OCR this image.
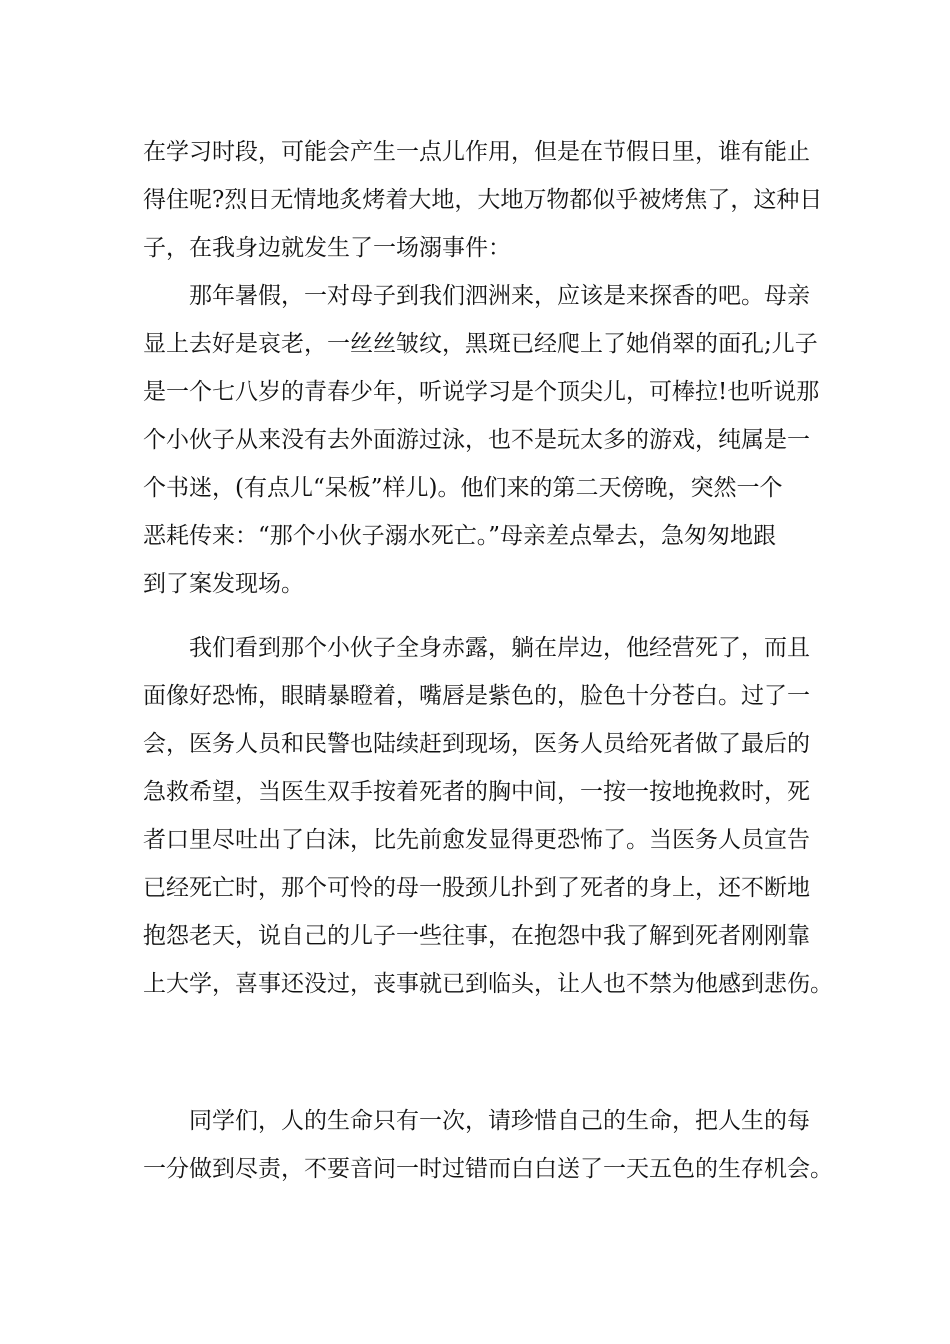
在学习时段，可能会产生一点儿作用，但是在节假日里，谁有能止
得住呢?烈日无情地炙烤着大地，大地万物都似乎被烤焦了，这种日
子，在我身边就发生了一场溺事件：
那年暑假，一对母子到我们泗洲来，应该是来探香的吧。母亲
显上去好是哀老，一丝丝皱纹，黑斑已经爬上了她俏翠的面孔;儿子
是一个七八岁的青春少年，听说学习是个顶尖儿，可棒拉!也听说那
个小伙子从来没有去外面游过泳，也不是玩太多的游戏，纯属是一
个书迷，(有点儿“呆板”样儿)。他们来的第二天傍晚，突然一个
恶耗传来：“那个小伙子溺水死亡。”母亲差点晕去，急匆匆地跟
到了案发现场。
我们看到那个小伙子全身赤露，躺在岸边，他经营死了，而且
面像好恐怖，眼睛暴瞪着，嘴唇是紫色的，脸色十分苍白。过了一
会，医务人员和民警也陆续赶到现场，医务人员给死者做了最后的
急救希望，当医生双手按着死者的胸中间，一按一按地挽救时，死
者口里尽吐出了白沫，比先前愈发显得更恐怖了。当医务人员宣告
已经死亡时，那个可怜的母一股颈儿扑到了死者的身上，还不断地
抱怨老天，说自己的儿子一些往事，在抱怨中我了解到死者刚刚靠
上大学，喜事还没过，丧事就已到临头，让人也不禁为他感到悲伤。
同学们，人的生命只有一次，请珍惜自己的生命，把人生的每
一分做到尽责，不要音问一时过错而白白送了一天五色的生存机会。
